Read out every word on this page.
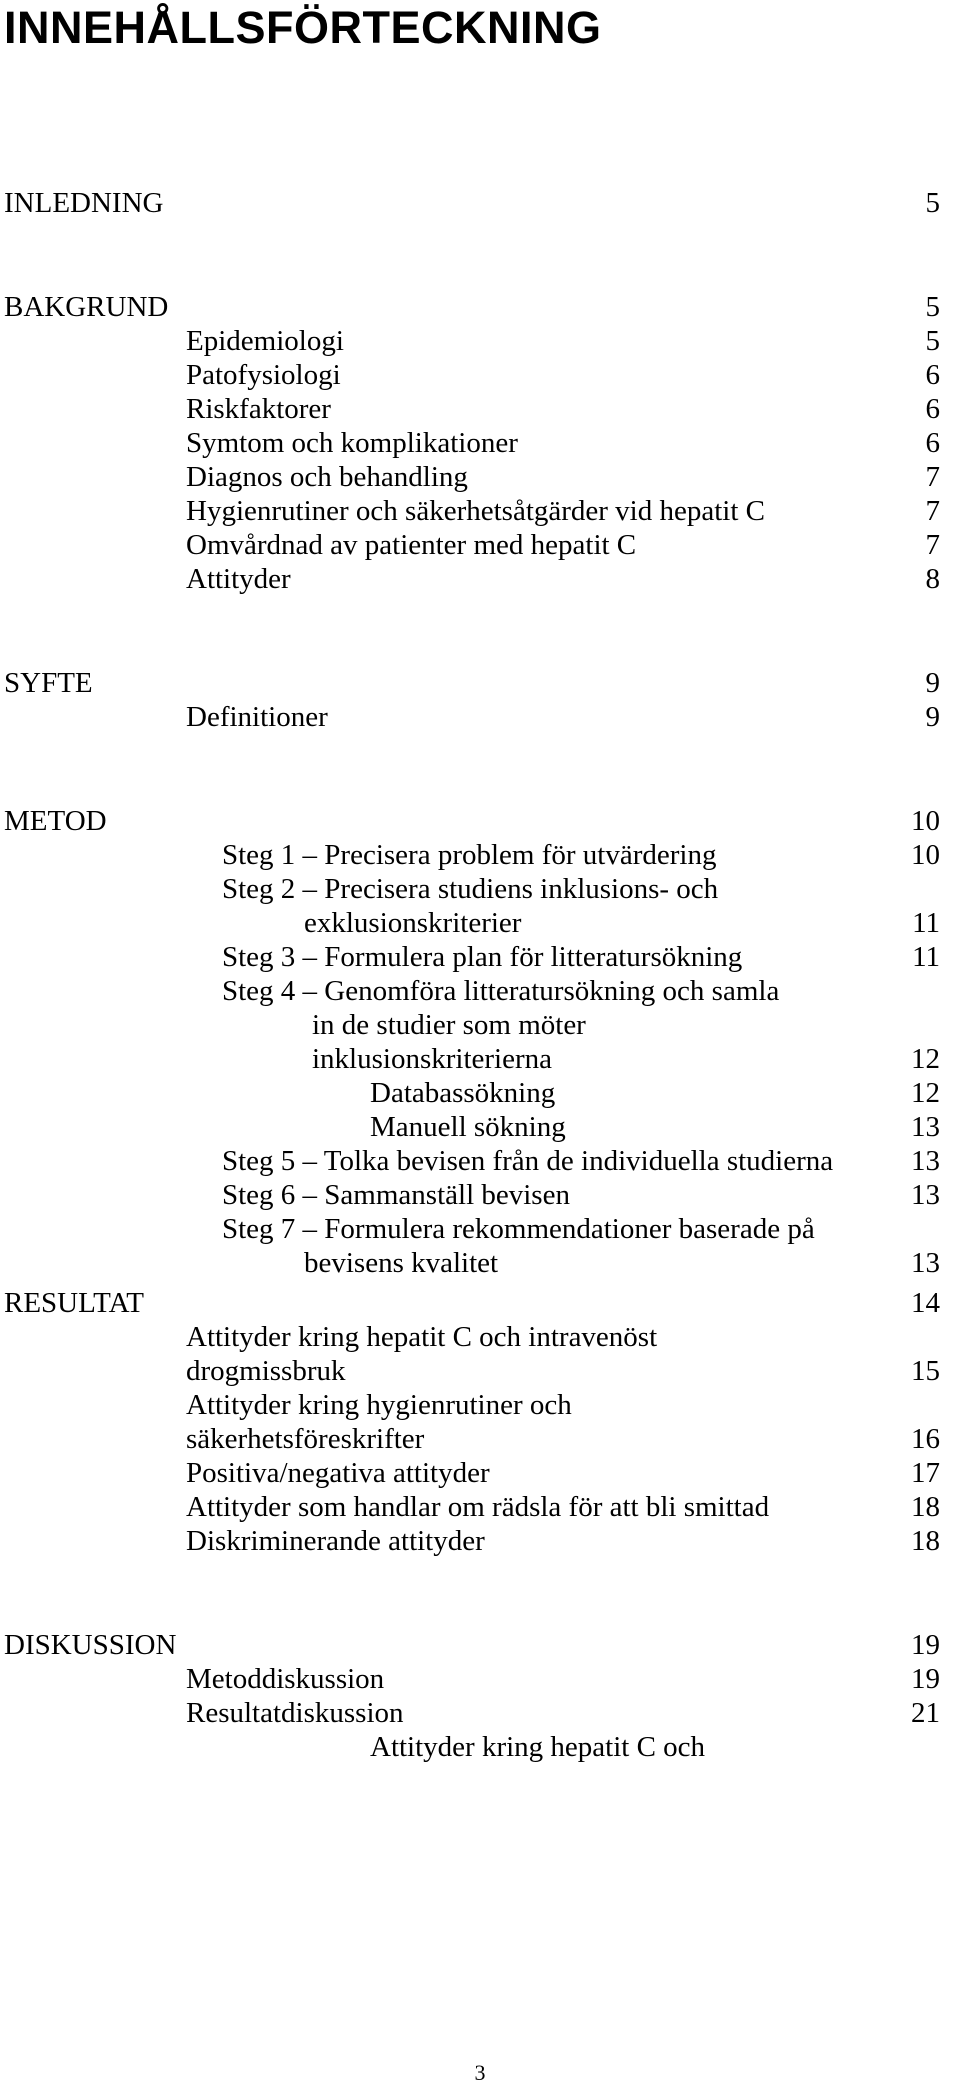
INNEHÅLLSFÖRTECKNING
INLEDNING	5
BAKGRUND	5
Epidemiologi	5
Patofysiologi	6
Riskfaktorer	6
Symtom och komplikationer	6
Diagnos och behandling	7
Hygienrutiner och säkerhetsåtgärder vid hepatit C	7
Omvårdnad av patienter med hepatit C	7
Attityder	8
SYFTE	9
Definitioner	9
METOD	10
Steg 1 – Precisera problem för utvärdering	10
Steg 2 – Precisera studiens inklusions- och
exklusionskriterier	11
Steg 3 – Formulera plan för litteratursökning	11
Steg 4 – Genomföra litteratursökning och samla
in de studier som möter
inklusionskriterierna	12
Databassökning	12
Manuell sökning	13
Steg 5 – Tolka bevisen från de individuella studierna	13
Steg 6 – Sammanställ bevisen	13
Steg 7 – Formulera rekommendationer baserade på
bevisens kvalitet	13
RESULTAT	14
Attityder kring hepatit C och intravenöst
drogmissbruk	15
Attityder kring hygienrutiner och
säkerhetsföreskrifter	16
Positiva/negativa attityder	17
Attityder som handlar om rädsla för att bli smittad	18
Diskriminerande attityder	18
DISKUSSION	19
Metoddiskussion	19
Resultatdiskussion	21
Attityder kring hepatit C och
3
